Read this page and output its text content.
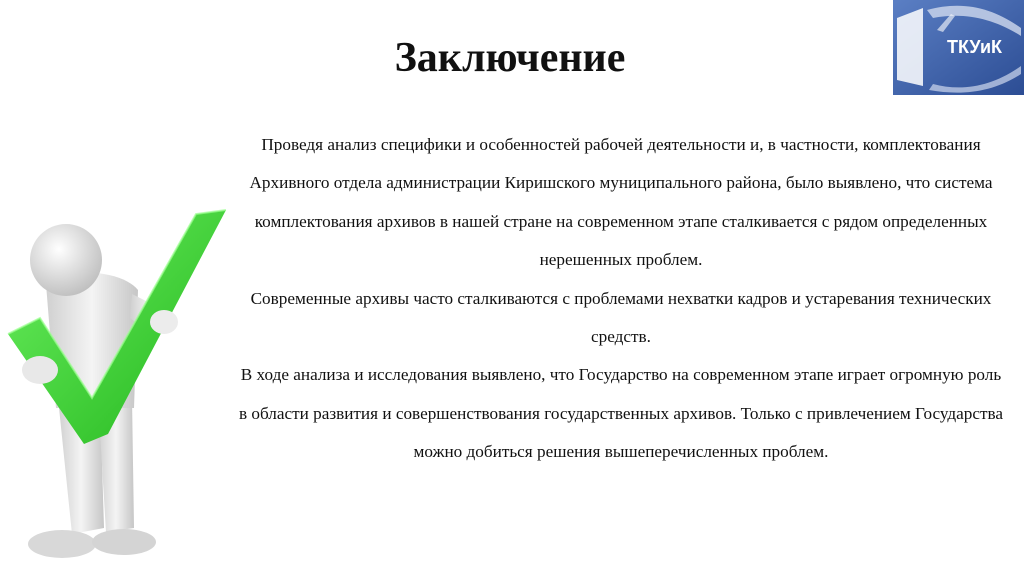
Заключение	ТКУиК

Проведя анализ специфики и особенностей рабочей деятельности и, в частности, комплектования Архивного отдела администрации Киришского муниципального района, было выявлено, что система комплектования архивов в нашей стране на современном этапе сталкивается с рядом определенных нерешенных проблем.

Современные архивы часто сталкиваются с проблемами нехватки кадров и устаревания технических средств.

В ходе анализа и исследования выявлено, что Государство на современном этапе играет огромную роль в области развития и совершенствования государственных архивов. Только с привлечением Государства можно добиться решения вышеперечисленных проблем.
